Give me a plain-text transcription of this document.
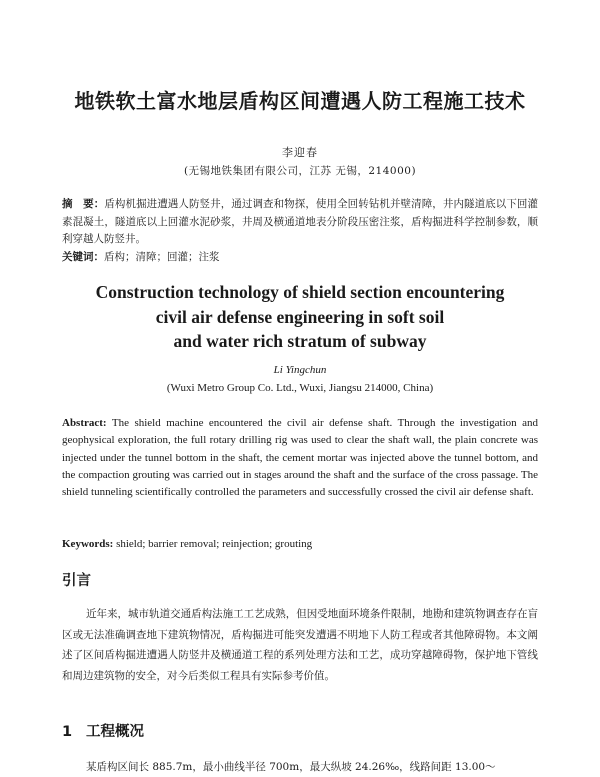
地铁软土富水地层盾构区间遭遇人防工程施工技术
李迎春
(无锡地铁集团有限公司，江苏 无锡，214000)
摘　要：盾构机掘进遭遇人防竖井，通过调查和物探，使用全回转钻机并壁清障，井内隧道底以下回灌素混凝土，隧道底以上回灌水泥砂浆，井周及横通道地表分阶段压密注浆，盾构掘进科学控制参数，顺利穿越人防竖井。
关键词：盾构；清障；回灌；注浆
Construction technology of shield section encountering
civil air defense engineering in soft soil
and water rich stratum of subway
Li Yingchun
(Wuxi Metro Group Co. Ltd., Wuxi, Jiangsu 214000, China)
Abstract: The shield machine encountered the civil air defense shaft. Through the investigation and geophysical exploration, the full rotary drilling rig was used to clear the shaft wall, the plain concrete was injected under the tunnel bottom in the shaft, the cement mortar was injected above the tunnel bottom, and the compaction grouting was carried out in stages around the shaft and the surface of the cross passage. The shield tunneling scientifically controlled the parameters and successfully crossed the civil air defense shaft.
Keywords: shield; barrier removal; reinjection; grouting
引言

近年来，城市轨道交通盾构法施工工艺成熟，但因受地面环境条件限制，地勘和建筑物调查存在盲区或无法准确调查地下建筑物情况，盾构掘进可能突发遭遇不明地下人防工程或者其他障碍物。本文阐述了区间盾构掘进遭遇人防竖井及横通道工程的系列处理方法和工艺，成功穿越障碍物，保护地下管线和周边建筑物的安全，对今后类似工程具有实际参考价值。

1 工程概况

某盾构区间长 885.7m，最小曲线半径 700m，最大纵坡 24.26‰，线路间距 13.00～
